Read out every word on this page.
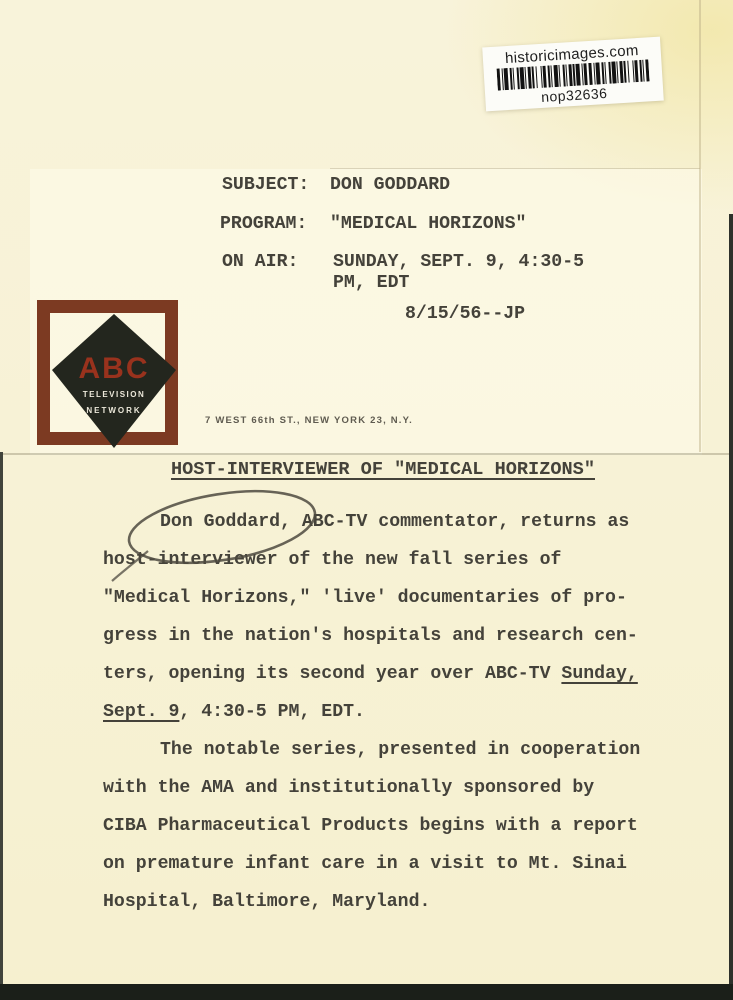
historicimages.com
nop32636
SUBJECT: DON GODDARD
PROGRAM: "MEDICAL HORIZONS"
ON AIR: SUNDAY, SEPT. 9, 4:30-5
PM, EDT
8/15/56--JP
ABC
TELEVISION
NETWORK
7 WEST 66th ST., NEW YORK 23, N.Y.
HOST-INTERVIEWER OF "MEDICAL HORIZONS"
Don Goddard, ABC-TV commentator, returns as
host-interviewer of the new fall series of
"Medical Horizons," 'live' documentaries of pro-
gress in the nation's hospitals and research cen-
ters, opening its second year over ABC-TV Sunday,
Sept. 9, 4:30-5 PM, EDT.
The notable series, presented in cooperation
with the AMA and institutionally sponsored by
CIBA Pharmaceutical Products begins with a report
on premature infant care in a visit to Mt. Sinai
Hospital, Baltimore, Maryland.
